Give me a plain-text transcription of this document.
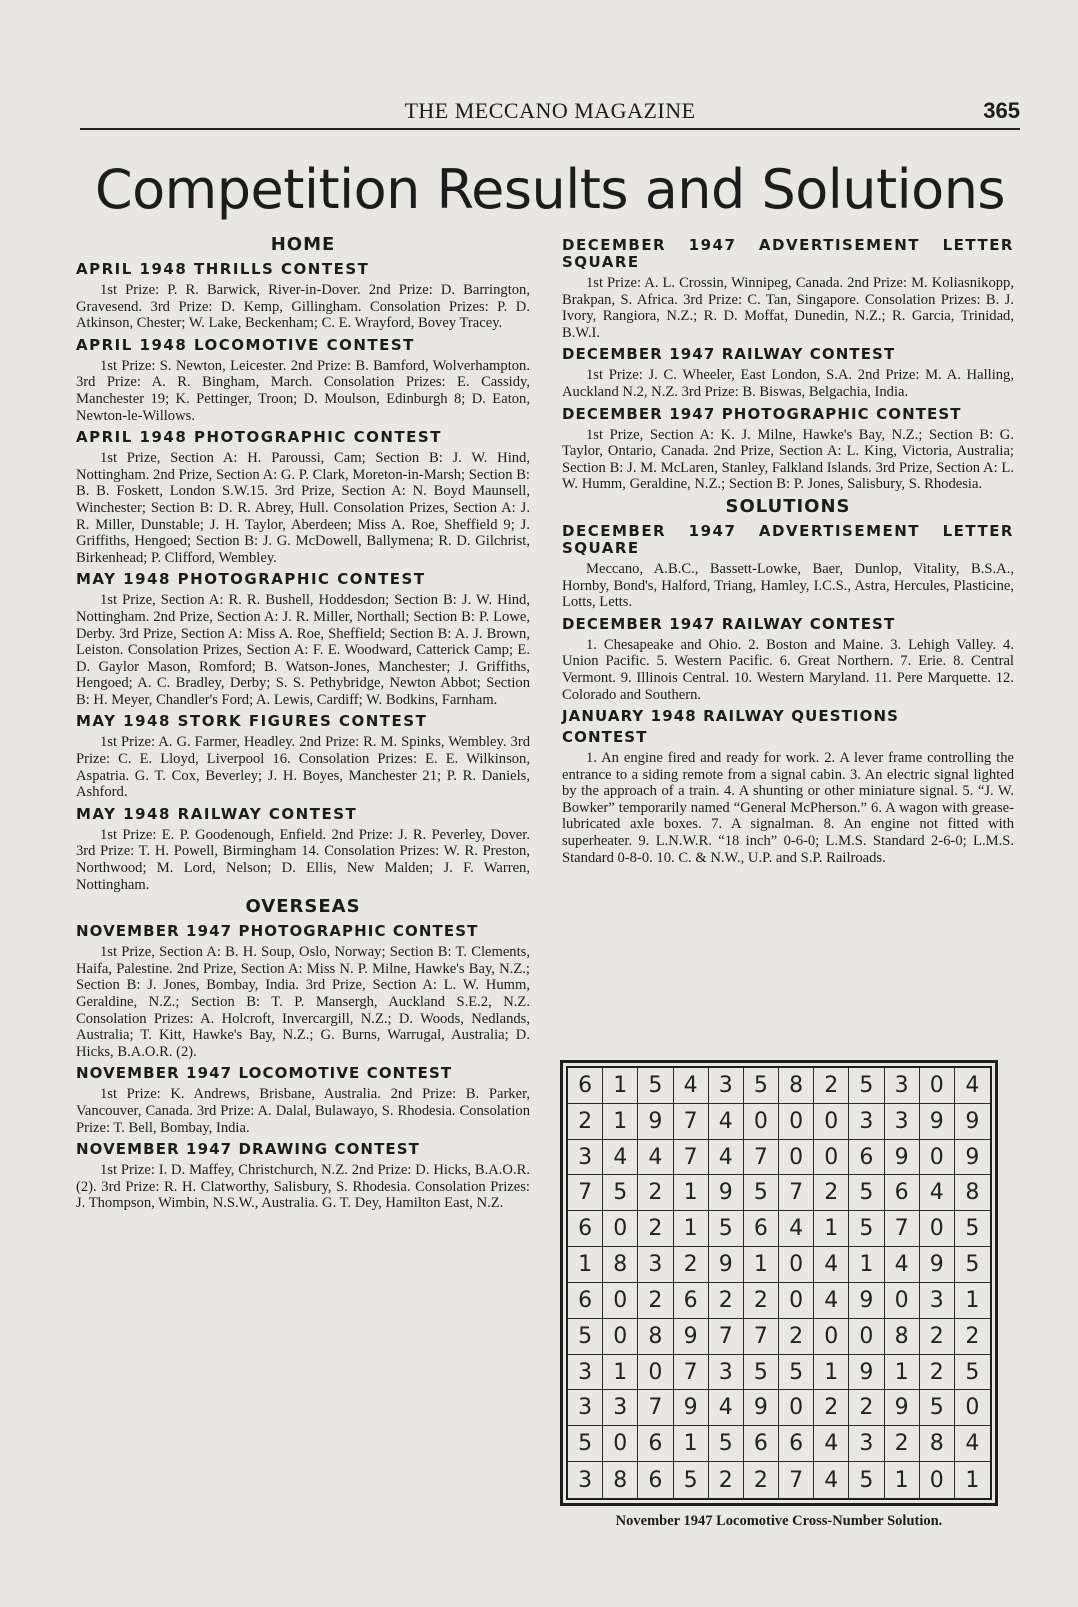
THE MECCANO MAGAZINE	365
Competition Results and Solutions
HOME
APRIL 1948 THRILLS CONTEST

1st Prize: P. R. Barwick, River-in-Dover. 2nd Prize: D. Barrington, Gravesend. 3rd Prize: D. Kemp, Gillingham. Consolation Prizes: P. D. Atkinson, Chester; W. Lake, Beckenham; C. E. Wrayford, Bovey Tracey.

APRIL 1948 LOCOMOTIVE CONTEST

1st Prize: S. Newton, Leicester. 2nd Prize: B. Bamford, Wolverhampton. 3rd Prize: A. R. Bingham, March. Consolation Prizes: E. Cassidy, Manchester 19; K. Pettinger, Troon; D. Moulson, Edinburgh 8; D. Eaton, Newton-le-Willows.

APRIL 1948 PHOTOGRAPHIC CONTEST

1st Prize, Section A: H. Paroussi, Cam; Section B: J. W. Hind, Nottingham. 2nd Prize, Section A: G. P. Clark, Moreton-in-Marsh; Section B: B. B. Foskett, London S.W.15. 3rd Prize, Section A: N. Boyd Maunsell, Winchester; Section B: D. R. Abrey, Hull. Consolation Prizes, Section A: J. R. Miller, Dunstable; J. H. Taylor, Aberdeen; Miss A. Roe, Sheffield 9; J. Griffiths, Hengoed; Section B: J. G. McDowell, Ballymena; R. D. Gilchrist, Birkenhead; P. Clifford, Wembley.

MAY 1948 PHOTOGRAPHIC CONTEST

1st Prize, Section A: R. R. Bushell, Hoddesdon; Section B: J. W. Hind, Nottingham. 2nd Prize, Section A: J. R. Miller, Northall; Section B: P. Lowe, Derby. 3rd Prize, Section A: Miss A. Roe, Sheffield; Section B: A. J. Brown, Leiston. Consolation Prizes, Section A: F. E. Woodward, Catterick Camp; E. D. Gaylor Mason, Romford; B. Watson-Jones, Manchester; J. Griffiths, Hengoed; A. C. Bradley, Derby; S. S. Pethybridge, Newton Abbot; Section B: H. Meyer, Chandler's Ford; A. Lewis, Cardiff; W. Bodkins, Farnham.

MAY 1948 STORK FIGURES CONTEST

1st Prize: A. G. Farmer, Headley. 2nd Prize: R. M. Spinks, Wembley. 3rd Prize: C. E. Lloyd, Liverpool 16. Consolation Prizes: E. E. Wilkinson, Aspatria. G. T. Cox, Beverley; J. H. Boyes, Manchester 21; P. R. Daniels, Ashford.

MAY 1948 RAILWAY CONTEST

1st Prize: E. P. Goodenough, Enfield. 2nd Prize: J. R. Peverley, Dover. 3rd Prize: T. H. Powell, Birmingham 14. Consolation Prizes: W. R. Preston, Northwood; M. Lord, Nelson; D. Ellis, New Malden; J. F. Warren, Nottingham.

OVERSEAS
NOVEMBER 1947 PHOTOGRAPHIC CONTEST

1st Prize, Section A: B. H. Soup, Oslo, Norway; Section B: T. Clements, Haifa, Palestine. 2nd Prize, Section A: Miss N. P. Milne, Hawke's Bay, N.Z.; Section B: J. Jones, Bombay, India. 3rd Prize, Section A: L. W. Humm, Geraldine, N.Z.; Section B: T. P. Mansergh, Auckland S.E.2, N.Z. Consolation Prizes: A. Holcroft, Invercargill, N.Z.; D. Woods, Nedlands, Australia; T. Kitt, Hawke's Bay, N.Z.; G. Burns, Warrugal, Australia; D. Hicks, B.A.O.R. (2).

NOVEMBER 1947 LOCOMOTIVE CONTEST

1st Prize: K. Andrews, Brisbane, Australia. 2nd Prize: B. Parker, Vancouver, Canada. 3rd Prize: A. Dalal, Bulawayo, S. Rhodesia. Consolation Prize: T. Bell, Bombay, India.

NOVEMBER 1947 DRAWING CONTEST

1st Prize: I. D. Maffey, Christchurch, N.Z. 2nd Prize: D. Hicks, B.A.O.R. (2). 3rd Prize: R. H. Clatworthy, Salisbury, S. Rhodesia. Consolation Prizes: J. Thompson, Wimbin, N.S.W., Australia. G. T. Dey, Hamilton East, N.Z.

DECEMBER 1947 ADVERTISEMENT LETTER
SQUARE

1st Prize: A. L. Crossin, Winnipeg, Canada. 2nd Prize: M. Koliasnikopp, Brakpan, S. Africa. 3rd Prize: C. Tan, Singapore. Consolation Prizes: B. J. Ivory, Rangiora, N.Z.; R. D. Moffat, Dunedin, N.Z.; R. Garcia, Trinidad, B.W.I.

DECEMBER 1947 RAILWAY CONTEST

1st Prize: J. C. Wheeler, East London, S.A. 2nd Prize: M. A. Halling, Auckland N.2, N.Z. 3rd Prize: B. Biswas, Belgachia, India.

DECEMBER 1947 PHOTOGRAPHIC CONTEST

1st Prize, Section A: K. J. Milne, Hawke's Bay, N.Z.; Section B: G. Taylor, Ontario, Canada. 2nd Prize, Section A: L. King, Victoria, Australia; Section B: J. M. McLaren, Stanley, Falkland Islands. 3rd Prize, Section A: L. W. Humm, Geraldine, N.Z.; Section B: P. Jones, Salisbury, S. Rhodesia.

SOLUTIONS
DECEMBER 1947 ADVERTISEMENT LETTER
SQUARE

Meccano, A.B.C., Bassett-Lowke, Baer, Dunlop, Vitality, B.S.A., Hornby, Bond's, Halford, Triang, Hamley, I.C.S., Astra, Hercules, Plasticine, Lotts, Letts.

DECEMBER 1947 RAILWAY CONTEST

1. Chesapeake and Ohio. 2. Boston and Maine. 3. Lehigh Valley. 4. Union Pacific. 5. Western Pacific. 6. Great Northern. 7. Erie. 8. Central Vermont. 9. Illinois Central. 10. Western Maryland. 11. Pere Marquette. 12. Colorado and Southern.

JANUARY 1948 RAILWAY QUESTIONS
CONTEST

1. An engine fired and ready for work. 2. A lever frame controlling the entrance to a siding remote from a signal cabin. 3. An electric signal lighted by the approach of a train. 4. A shunting or other miniature signal. 5. “J. W. Bowker” temporarily named “General McPherson.” 6. A wagon with grease-lubricated axle boxes. 7. A signalman. 8. An engine not fitted with superheater. 9. L.N.W.R. “18 inch” 0-6-0; L.M.S. Standard 2-6-0; L.M.S. Standard 0-8-0. 10. C. & N.W., U.P. and S.P. Railroads.

6 1 5 4 3 5 8 2 5 3 0 4
2 1 9 7 4 0 0 0 3 3 9 9
3 4 4 7 4 7 0 0 6 9 0 9
7 5 2 1 9 5 7 2 5 6 4 8
6 0 2 1 5 6 4 1 5 7 0 5
1 8 3 2 9 1 0 4 1 4 9 5
6 0 2 6 2 2 0 4 9 0 3 1
5 0 8 9 7 7 2 0 0 8 2 2
3 1 0 7 3 5 5 1 9 1 2 5
3 3 7 9 4 9 0 2 2 9 5 0
5 0 6 1 5 6 6 4 3 2 8 4
3 8 6 5 2 2 7 4 5 1 0 1
November 1947 Locomotive Cross-Number Solution.
